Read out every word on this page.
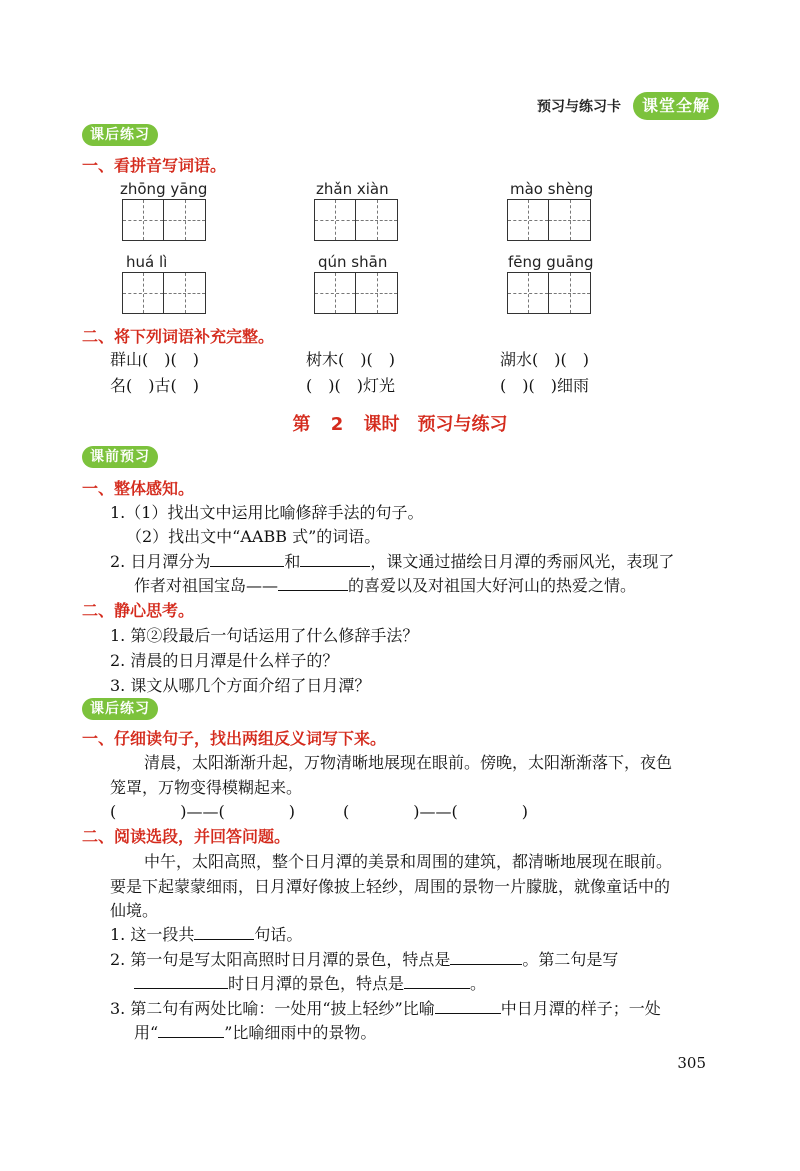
预习与练习卡	课堂全解
课后练习
一、看拼音写词语。
zhōng yāng	zhǎn xiàn	mào shèng
huá lì	qún shān	fēng guāng
二、将下列词语补充完整。
群山(　)(　)	树木(　)(　)	湖水(　)(　)
名(　)古(　)	(　)(　)灯光	(　)(　)细雨
第 2 课时　预习与练习
课前预习
一、整体感知。
1.（1）找出文中运用比喻修辞手法的句子。
（2）找出文中“AABB 式”的词语。
2. 日月潭分为	和	，课文通过描绘日月潭的秀丽风光，表现了
作者对祖国宝岛——	的喜爱以及对祖国大好河山的热爱之情。
二、静心思考。
1. 第②段最后一句话运用了什么修辞手法？
2. 清晨的日月潭是什么样子的？
3. 课文从哪几个方面介绍了日月潭？
课后练习
一、仔细读句子，找出两组反义词写下来。
清晨，太阳渐渐升起，万物清晰地展现在眼前。傍晚，太阳渐渐落下，夜色
笼罩，万物变得模糊起来。
(　　　　)——(　　　　)　　　(　　　　)——(　　　　)
二、阅读选段，并回答问题。
中午，太阳高照，整个日月潭的美景和周围的建筑，都清晰地展现在眼前。
要是下起蒙蒙细雨，日月潭好像披上轻纱，周围的景物一片朦胧，就像童话中的
仙境。
1. 这一段共	句话。
2. 第一句是写太阳高照时日月潭的景色，特点是	。第二句是写
时日月潭的景色，特点是	。
3. 第二句有两处比喻：一处用“披上轻纱”比喻	中日月潭的样子；一处
用“	”比喻细雨中的景物。
305
